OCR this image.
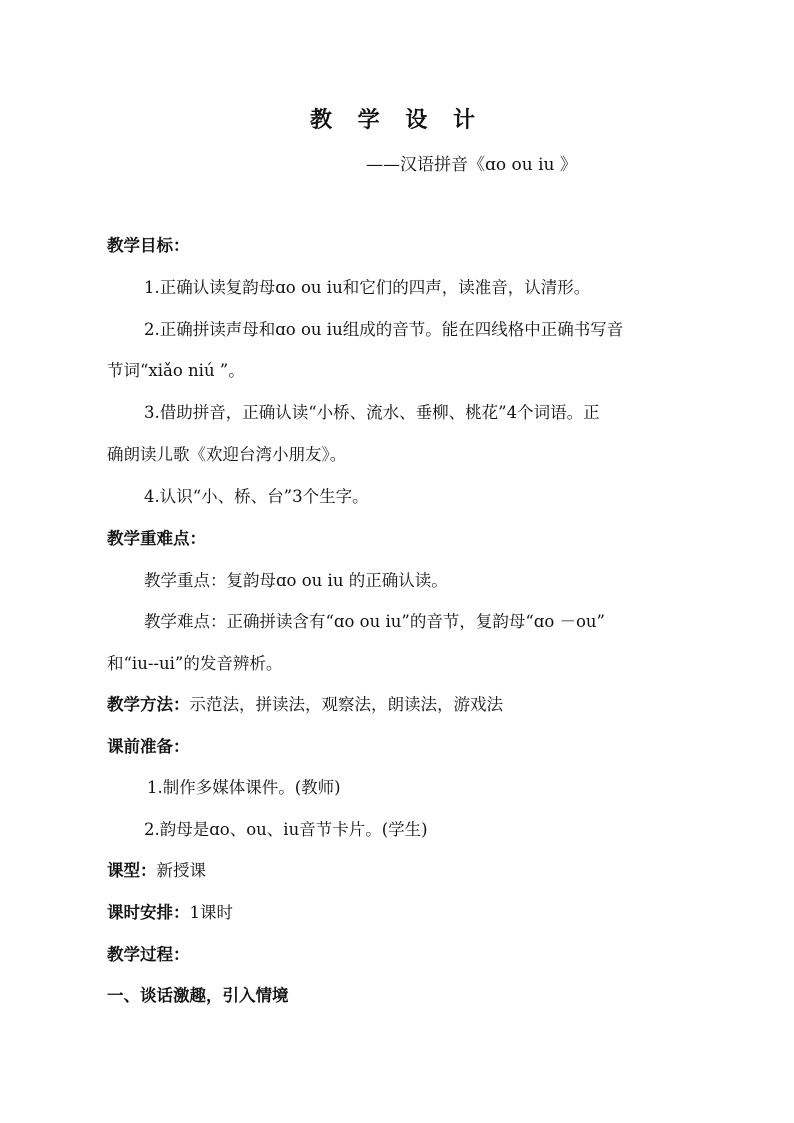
教 学 设 计
——汉语拼音《ɑo ou iu 》
教学目标：
1.正确认读复韵母ɑo ou iu和它们的四声，读准音，认清形。
2.正确拼读声母和ɑo ou iu组成的音节。能在四线格中正确书写音
节词“xiǎo niú ”。
3.借助拼音，正确认读“小桥、流水、垂柳、桃花”4个词语。正
确朗读儿歌《欢迎台湾小朋友》。
4.认识“小、桥、台”3个生字。
教学重难点：
教学重点：复韵母ɑo ou iu 的正确认读。
教学难点：正确拼读含有“ɑo ou iu”的音节，复韵母“ɑo －ou”
和“iu--ui”的发音辨析。
教学方法：示范法，拼读法，观察法，朗读法，游戏法
课前准备：
1.制作多媒体课件。(教师)
2.韵母是ɑo、ou、iu音节卡片。(学生)
课型：新授课
课时安排：1课时
教学过程：
一、谈话激趣，引入情境
